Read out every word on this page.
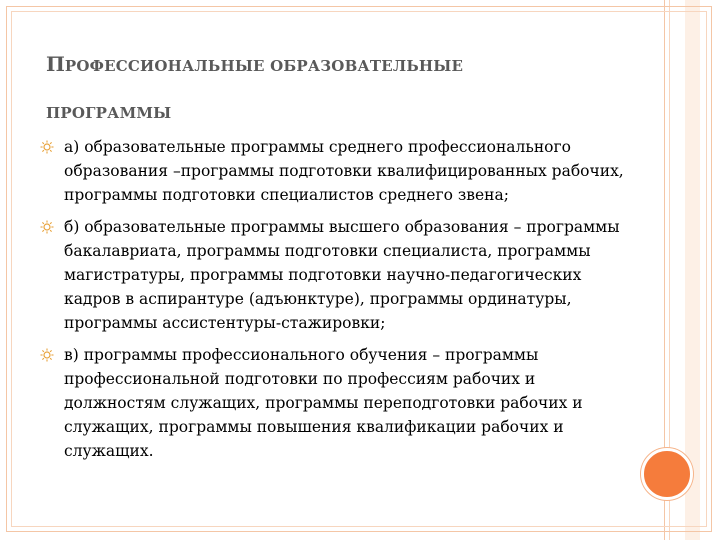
ПРОФЕССИОНАЛЬНЫЕ ОБРАЗОВАТЕЛЬНЫЕ
ПРОГРАММЫ
а) образовательные программы среднего профессионального образования –программы подготовки квалифицированных рабочих, программы подготовки специалистов среднего звена;
б) образовательные программы высшего образования – программы бакалавриата, программы подготовки специалиста, программы магистратуры, программы подготовки научно-педагогических кадров в аспирантуре (адъюнктуре), программы ординатуры, программы ассистентуры-стажировки;
в) программы профессионального обучения – программы профессиональной подготовки по профессиям рабочих и должностям служащих, программы переподготовки рабочих и служащих, программы повышения квалификации рабочих и служащих.
